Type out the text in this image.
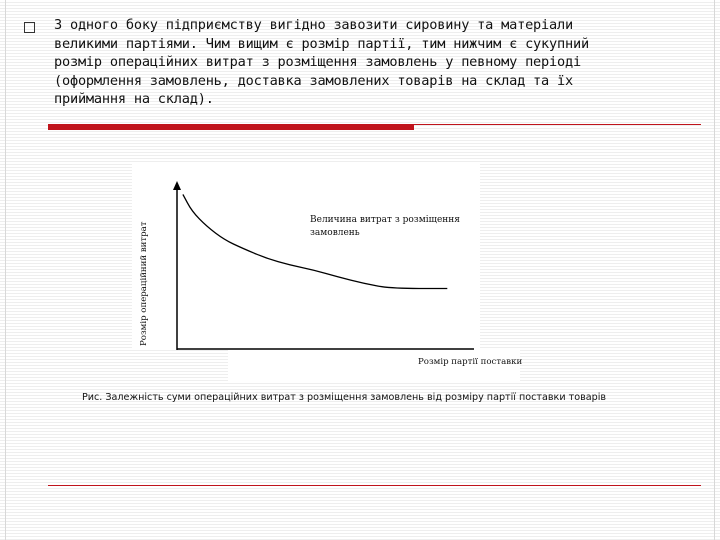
З одного боку підприємству вигідно завозити сировину та матеріали
великими партіями. Чим вищим є розмір партії, тим нижчим є сукупний
розмір операційних витрат з розміщення замовлень у певному періоді
(оформлення замовлень, доставка замовлених товарів на склад та їх
приймання на склад).
Величина витрат з розміщення замовлень
Розмір операційний витрат
Розмір партії поставки
Рис. Залежність суми операційних витрат з розміщення замовлень від розміру партії поставки товарів
